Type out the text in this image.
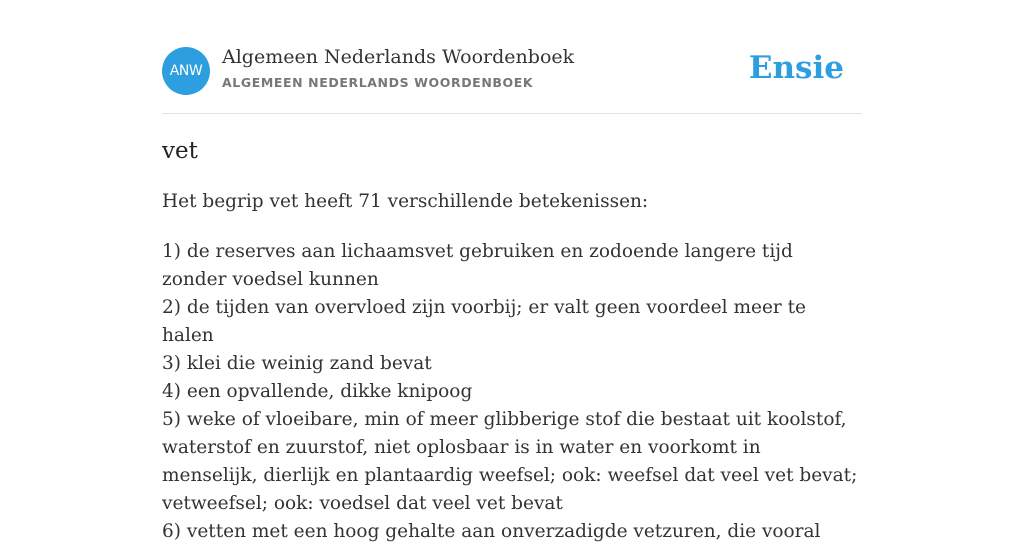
ANW
Algemeen Nederlands Woordenboek
ALGEMEEN NEDERLANDS WOORDENBOEK	Ensie
vet

Het begrip vet heeft 71 verschillende betekenissen:

1) de reserves aan lichaamsvet gebruiken en zodoende langere tijd zonder voedsel kunnen
2) de tijden van overvloed zijn voorbij; er valt geen voordeel meer te halen
3) klei die weinig zand bevat
4) een opvallende, dikke knipoog
5) weke of vloeibare, min of meer glibberige stof die bestaat uit koolstof, waterstof en zuurstof, niet oplosbaar is in water en voorkomt in menselijk, dierlijk en plantaardig weefsel; ook: weefsel dat veel vet bevat; vetweefsel; ook: voedsel dat veel vet bevat
6) vetten met een hoog gehalte aan onverzadigde vetzuren, die vooral
